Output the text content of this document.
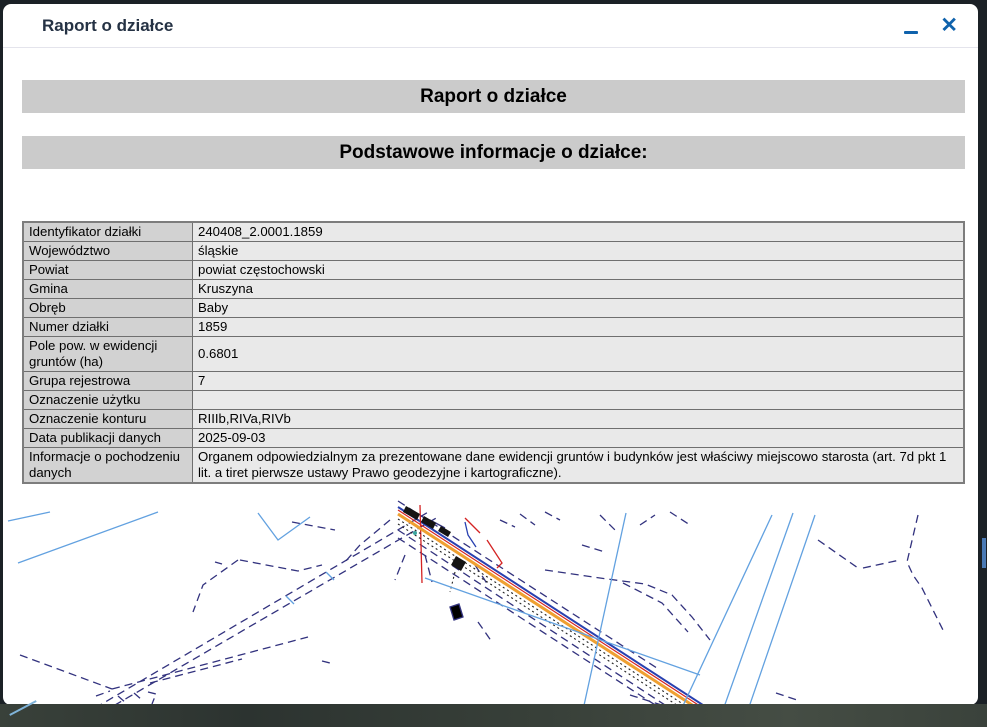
Raport o działce	✕
Raport o działce
Podstawowe informacje o działce:
Identyfikator działki	240408_2.0001.1859
Województwo	śląskie
Powiat	powiat częstochowski
Gmina	Kruszyna
Obręb	Baby
Numer działki	1859
Pole pow. w ewidencji gruntów (ha)	0.6801
Grupa rejestrowa	7
Oznaczenie użytku	
Oznaczenie konturu	RIIIb,RIVa,RIVb
Data publikacji danych	2025-09-03
Informacje o pochodzeniu danych	Organem odpowiedzialnym za prezentowane dane ewidencji gruntów i budynków jest właściwy miejscowo starosta (art. 7d pkt 1 lit. a tiret pierwsze ustawy Prawo geodezyjne i kartograficzne).
